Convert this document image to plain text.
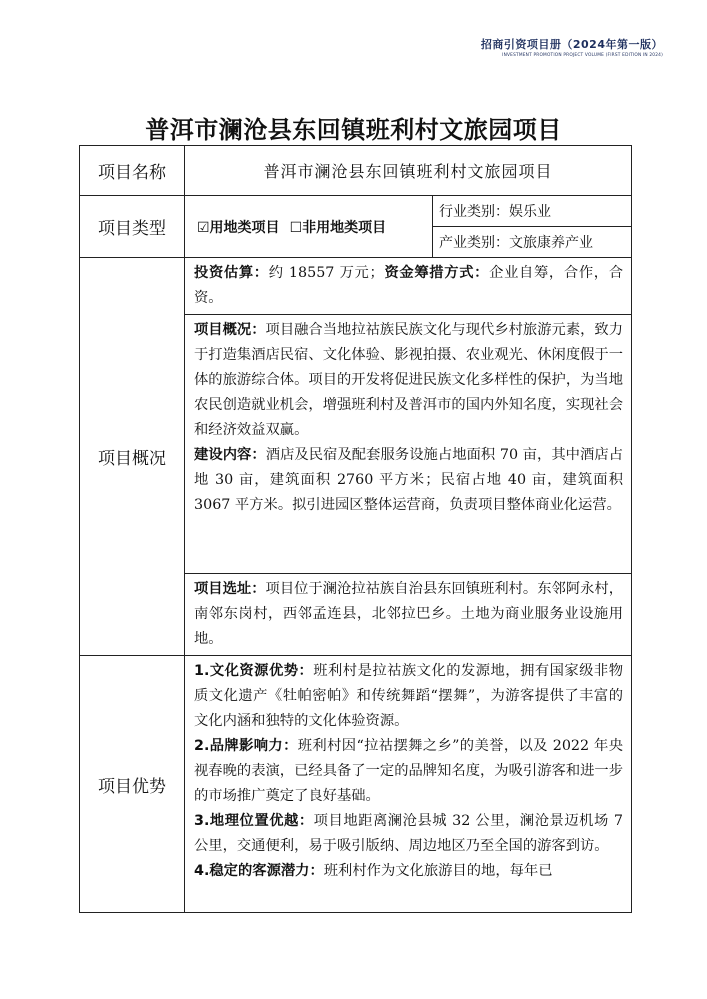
招商引资项目册（2024年第一版）
INVESTMENT PROMOTION PROJECT VOLUME (FIRST EDITION IN 2024)
普洱市澜沧县东回镇班利村文旅园项目
项目名称	普洱市澜沧县东回镇班利村文旅园项目	
项目类型	☑用地类项目 ☐非用地类项目	行业类别：娱乐业
		产业类别：文旅康养产业
项目概况	投资估算：约 18557 万元；资金筹措方式：企业自筹，合作，合资。	

	项目概况：项目融合当地拉祜族民族文化与现代乡村旅游元素，致力于打造集酒店民宿、文化体验、影视拍摄、农业观光、休闲度假于一体的旅游综合体。项目的开发将促进民族文化多样性的保护，为当地农民创造就业机会，增强班利村及普洱市的国内外知名度，实现社会和经济效益双赢。
建设内容：酒店及民宿及配套服务设施占地面积 70 亩，其中酒店占地 30 亩，建筑面积 2760 平方米；民宿占地 40 亩，建筑面积 3067 平方米。拟引进园区整体运营商，负责项目整体商业化运营。	

	项目选址：项目位于澜沧拉祜族自治县东回镇班利村。东邻阿永村，南邻东岗村，西邻孟连县，北邻拉巴乡。土地为商业服务业设施用地。	
项目优势	1.文化资源优势：班利村是拉祜族文化的发源地，拥有国家级非物质文化遗产《牡帕密帕》和传统舞蹈“摆舞”，为游客提供了丰富的文化内涵和独特的文化体验资源。
2.品牌影响力：班利村因“拉祜摆舞之乡”的美誉，以及 2022 年央视春晚的表演，已经具备了一定的品牌知名度，为吸引游客和进一步的市场推广奠定了良好基础。
3.地理位置优越：项目地距离澜沧县城 32 公里，澜沧景迈机场 7 公里，交通便利，易于吸引版纳、周边地区乃至全国的游客到访。
4.稳定的客源潜力：班利村作为文化旅游目的地，每年已	
